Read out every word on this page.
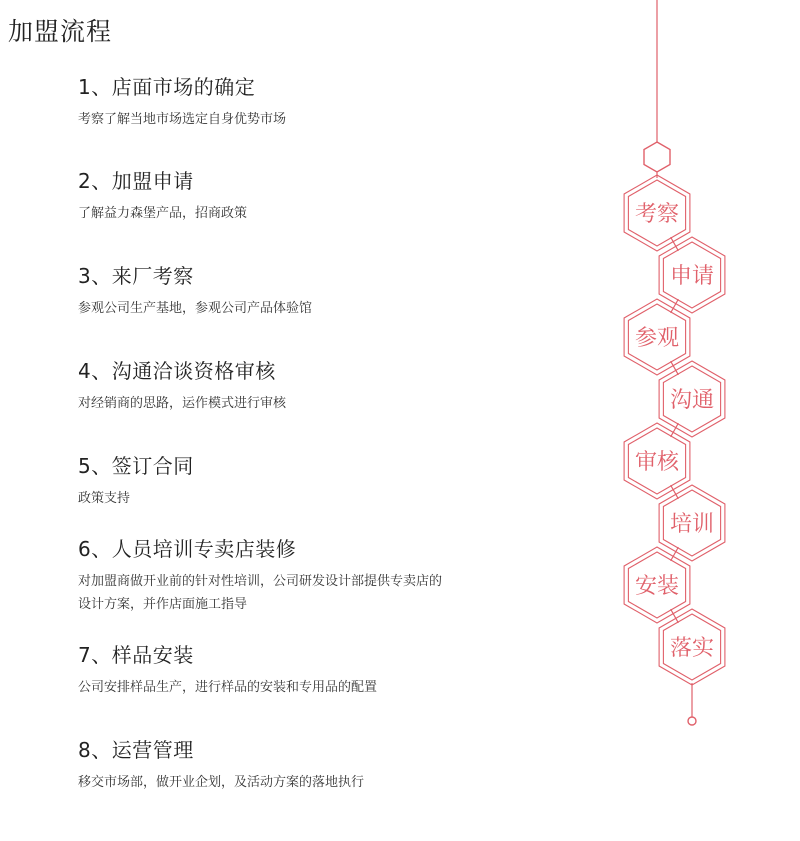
加盟流程
1、店面市场的确定
考察了解当地市场选定自身优势市场
2、加盟申请
了解益力森堡产品，招商政策
3、来厂考察
参观公司生产基地，参观公司产品体验馆
4、沟通洽谈资格审核
对经销商的思路，运作模式进行审核
5、签订合同
政策支持
6、人员培训专卖店装修
对加盟商做开业前的针对性培训，公司研发设计部提供专卖店的
设计方案，并作店面施工指导
7、样品安装
公司安排样品生产，进行样品的安装和专用品的配置
8、运营管理
移交市场部，做开业企划，及活动方案的落地执行
考察
申请
参观
沟通
审核
培训
安装
落实
